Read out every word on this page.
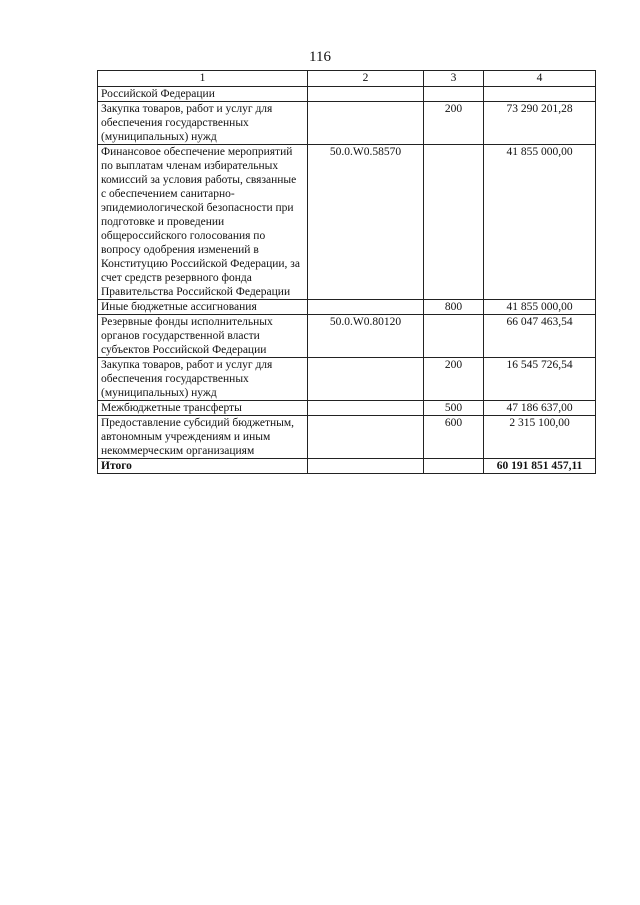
116
1	2	3	4
Российской Федерации			
Закупка товаров, работ и услуг для обеспечения государственных (муниципальных) нужд		200	73 290 201,28
Финансовое обеспечение мероприятий по выплатам членам избирательных комиссий за условия работы, связанные с обеспечением санитарно-эпидемиологической безопасности при подготовке и проведении общероссийского голосования по вопросу одобрения изменений в Конституцию Российской Федерации, за счет средств резервного фонда Правительства Российской Федерации	50.0.W0.58570		41 855 000,00
Иные бюджетные ассигнования		800	41 855 000,00
Резервные фонды исполнительных органов государственной власти субъектов Российской Федерации	50.0.W0.80120		66 047 463,54
Закупка товаров, работ и услуг для обеспечения государственных (муниципальных) нужд		200	16 545 726,54
Межбюджетные трансферты		500	47 186 637,00
Предоставление субсидий бюджетным, автономным учреждениям и иным некоммерческим организациям		600	2 315 100,00
Итого			60 191 851 457,11
